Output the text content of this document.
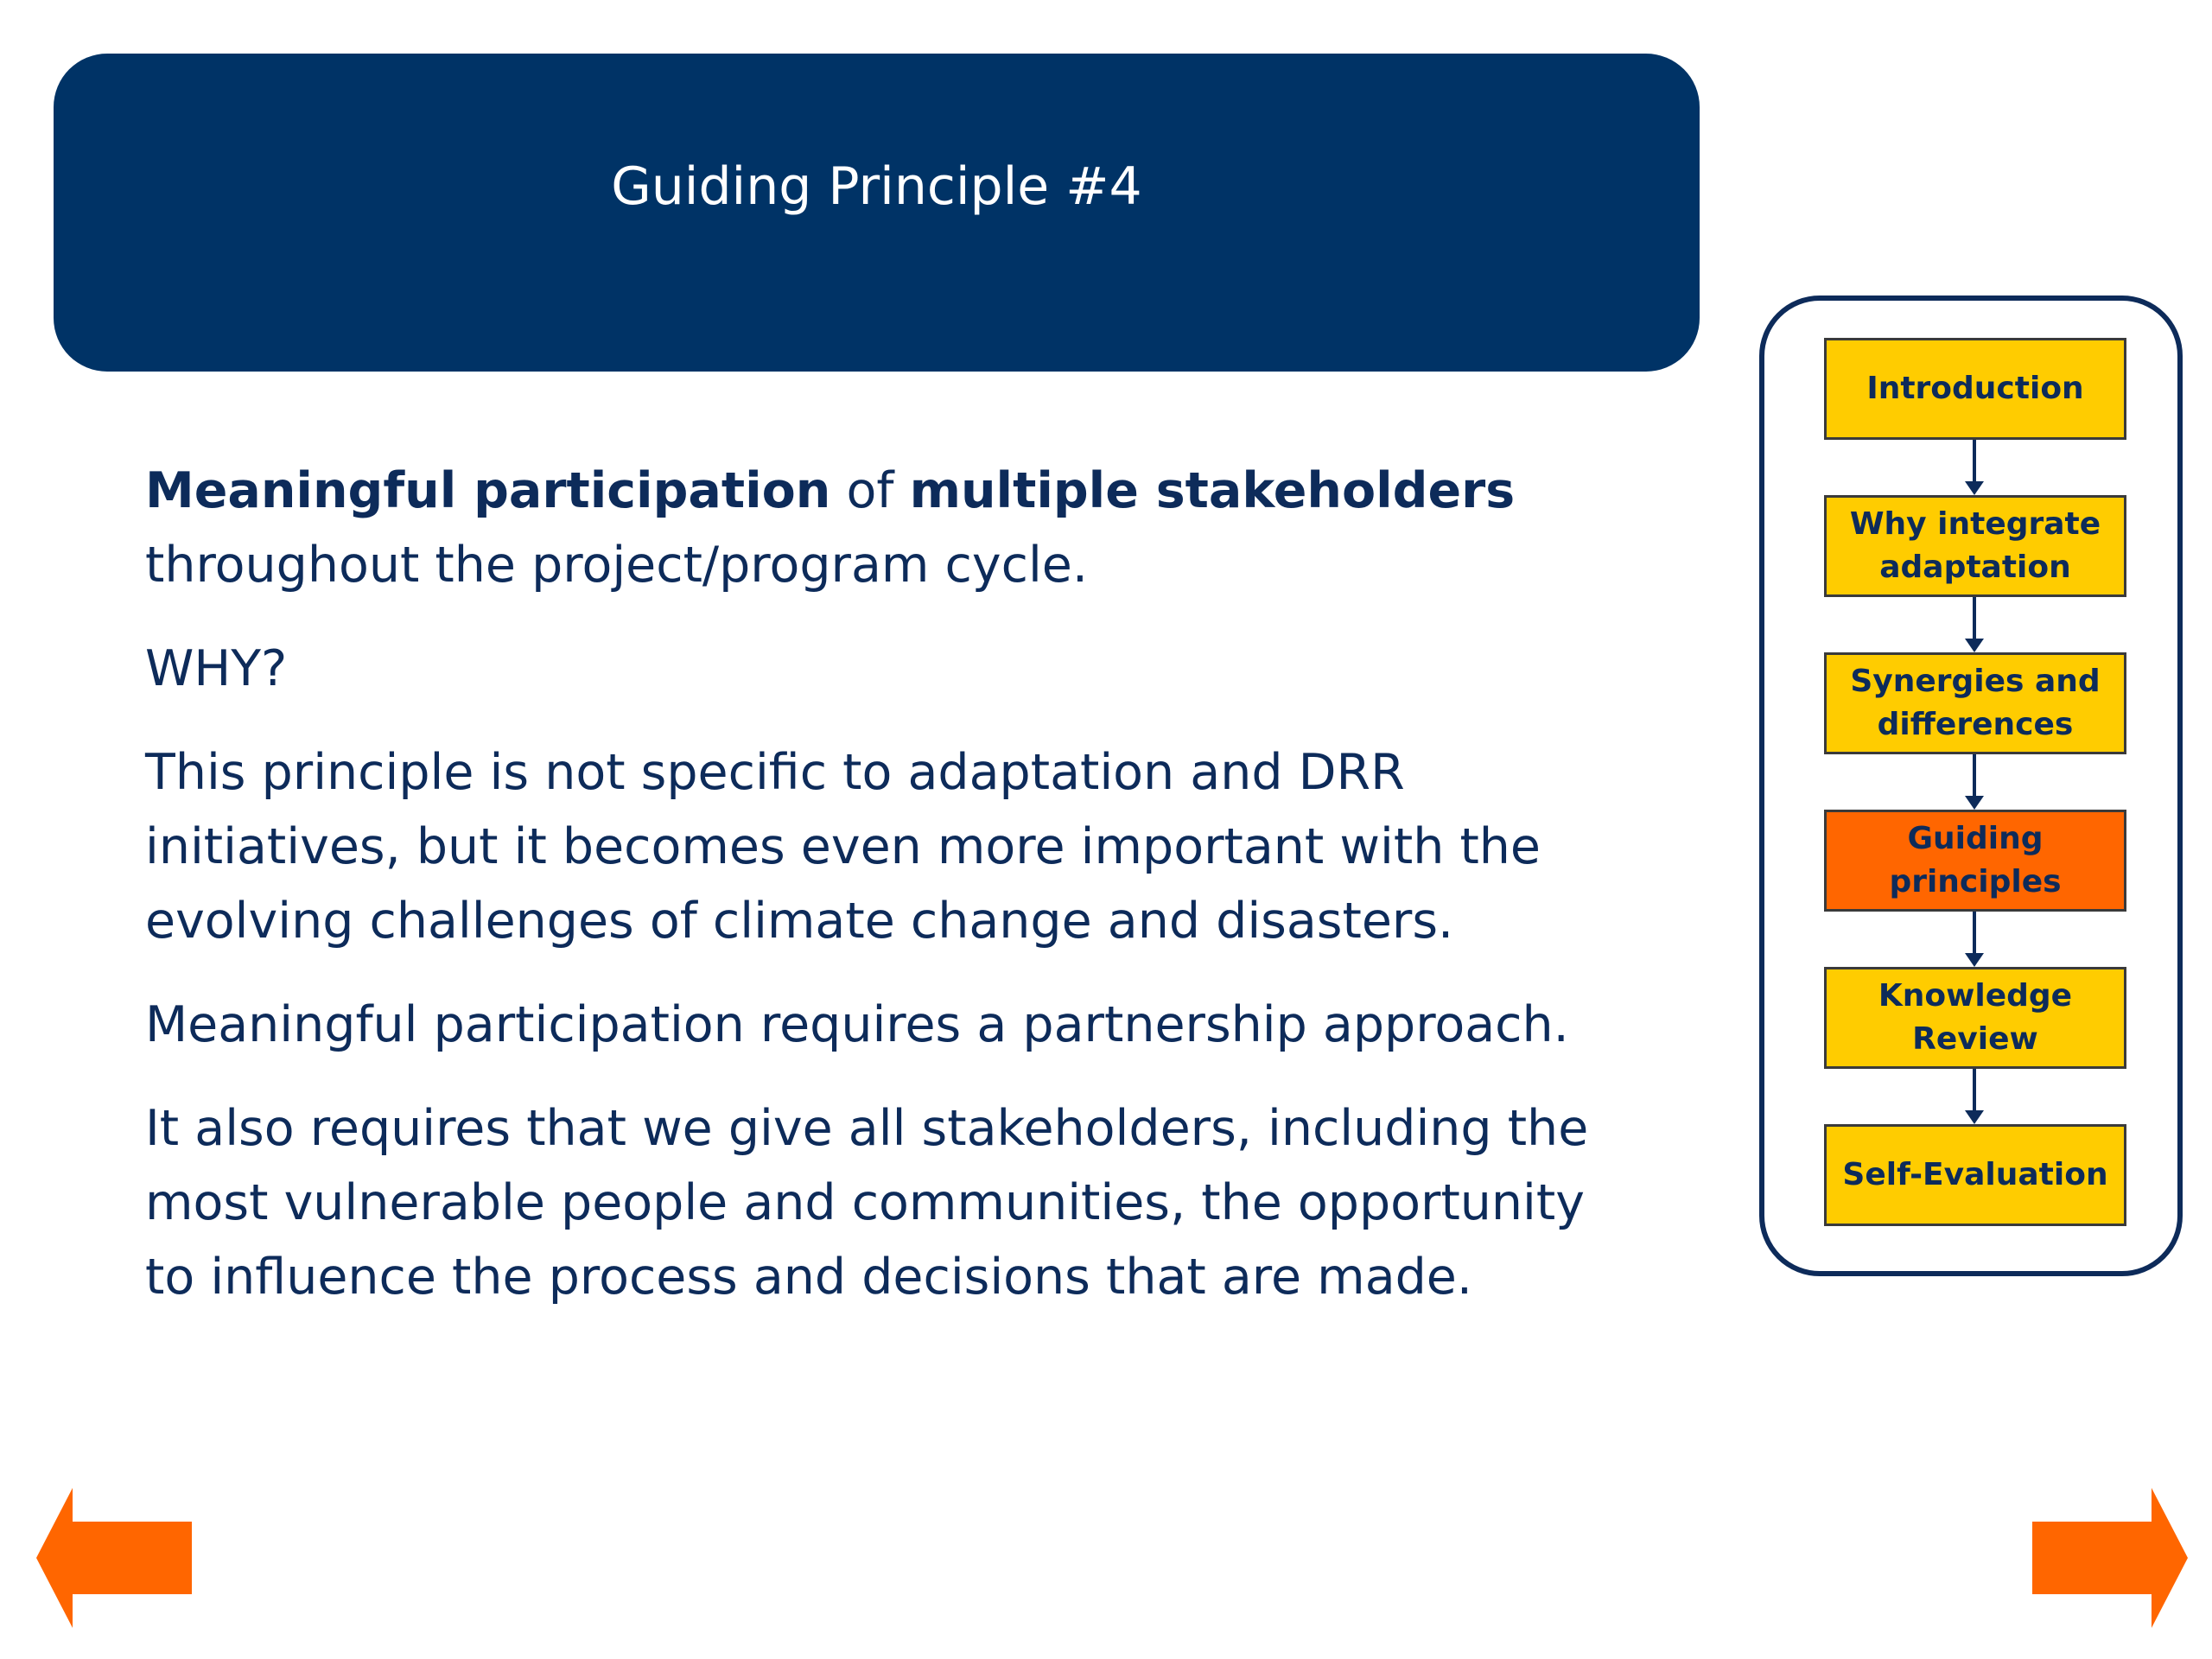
Guiding Principle #4

Meaningful participation of multiple stakeholders throughout the project/program cycle.

WHY?

This principle is not specific to adaptation and DRR initiatives, but it becomes even more important with the evolving challenges of climate change and disasters.

Meaningful participation requires a partnership approach.

It also requires that we give all stakeholders, including the most vulnerable people and communities, the opportunity to influence the process and decisions that are made.

Introduction
Why integrate
adaptation
Synergies and
differences
Guiding
principles
Knowledge
Review
Self-Evaluation
